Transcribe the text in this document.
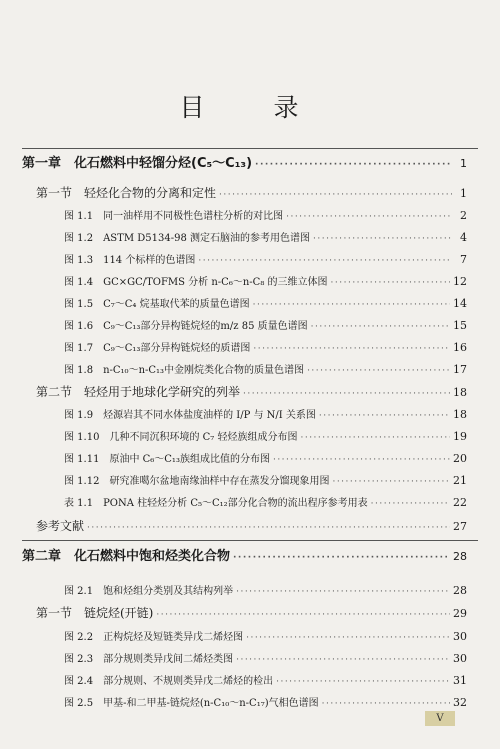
目　录
第一章　化石燃料中轻馏分烃(C₅～C₁₃) ·····	1
第一节　轻烃化合物的分离和定性 ·····	1
图 1.1　同一油样用不同极性色谱柱分析的对比图 ·····	2
图 1.2　ASTM D5134-98 测定石脑油的参考用色谱图 ·····	4
图 1.3　114 个标样的色谱图 ·····	7
图 1.4　GC×GC/TOFMS 分析 n-C₆～n-C₈ 的三维立体图 ·····	12
图 1.5　C₇～C₄ 烷基取代苯的质量色谱图 ·····	14
图 1.6　C₉～C₁₃部分异构链烷烃的m/z 85 质量色谱图 ·····	15
图 1.7　C₉～C₁₃部分异构链烷烃的质谱图 ·····	16
图 1.8　n-C₁₀～n-C₁₃中金刚烷类化合物的质量色谱图 ·····	17
第二节　轻烃用于地球化学研究的列举 ·····	18
图 1.9　烃源岩其不同水体盐度油样的 I/P 与 N/I 关系图 ·····	18
图 1.10　几种不同沉积环境的 C₇ 轻烃族组成分布图 ·····	19
图 1.11　原油中 C₆～C₁₃族组成比值的分布图 ·····	20
图 1.12　研究准噶尔盆地南缘油样中存在蒸发分馏现象用图 ·····	21
表 1.1　PONA 柱轻烃分析 C₅～C₁₂部分化合物的流出程序参考用表 ·····	22
参考文献 ·····	27
第二章　化石燃料中饱和烃类化合物 ·····	28
图 2.1　饱和烃组分类别及其结构列举 ·····	28
第一节　链烷烃(开链) ·····	29
图 2.2　正构烷烃及短链类异戊二烯烃图 ·····	30
图 2.3　部分规则类异戊间二烯烃类图 ·····	30
图 2.4　部分规则、不规则类异戊二烯烃的检出 ·····	31
图 2.5　甲基-和二甲基-链烷烃(n-C₁₀～n-C₁₇)气相色谱图 ·····	32
V
